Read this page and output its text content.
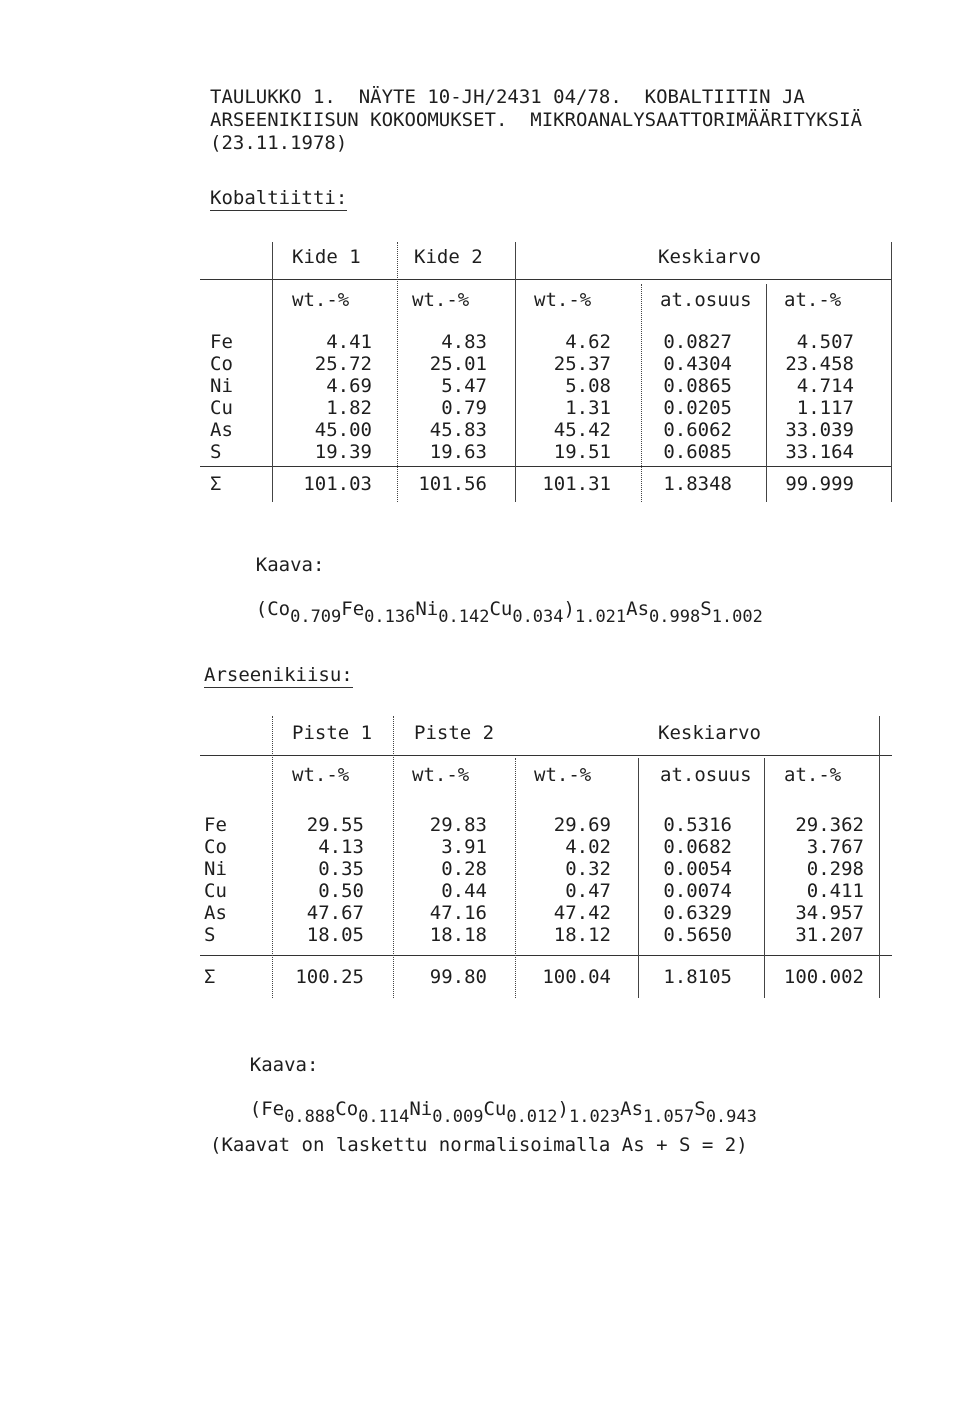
TAULUKKO 1.  NÄYTE 10-JH/2431 04/78.  KOBALTIITIN JA
ARSEENIKIISUN KOKOOMUKSET.  MIKROANALYSAATTORIMÄÄRITYKSIÄ
(23.11.1978)
Kobaltiitti:
Kide 1	Kide 2	Keskiarvo
wt.-%	wt.-%	wt.-%	at.osuus at.-%
Fe	4.41	4.83	4.62	0.0827	4.507
Co	25.72	25.01	25.37	0.4304	23.458
Ni	4.69	5.47	5.08	0.0865	4.714
Cu	1.82	0.79	1.31	0.0205	1.117
As	45.00	45.83	45.42	0.6062	33.039
S	19.39	19.63	19.51	0.6085	33.164
Σ	101.03	101.56	101.31	1.8348	99.999

Kaava:

$(Co_{0.709}Fe_{0.136}Ni_{0.142}Cu_{0.034})_{1.021}As_{0.998}S_{1.002}$

Arseenikiisu:
Piste 1 Piste 2	Keskiarvo
wt.-%	wt.-%	wt.-%	at.osuus at.-%
Fe	29.55	29.83	29.69	0.5316	29.362
Co	4.13	3.91	4.02	0.0682	3.767
Ni	0.35	0.28	0.32	0.0054	0.298
Cu	0.50	0.44	0.47	0.0074	0.411
As	47.67	47.16	47.42	0.6329	34.957
S	18.05	18.18	18.12	0.5650	31.207
Σ	100.25	99.80	100.04	1.8105	100.002

Kaava:

$(Fe_{0.888}Co_{0.114}Ni_{0.009}Cu_{0.012})_{1.023}As_{1.057}S_{0.943}$

(Kaavat on laskettu normalisoimalla As + S = 2)
